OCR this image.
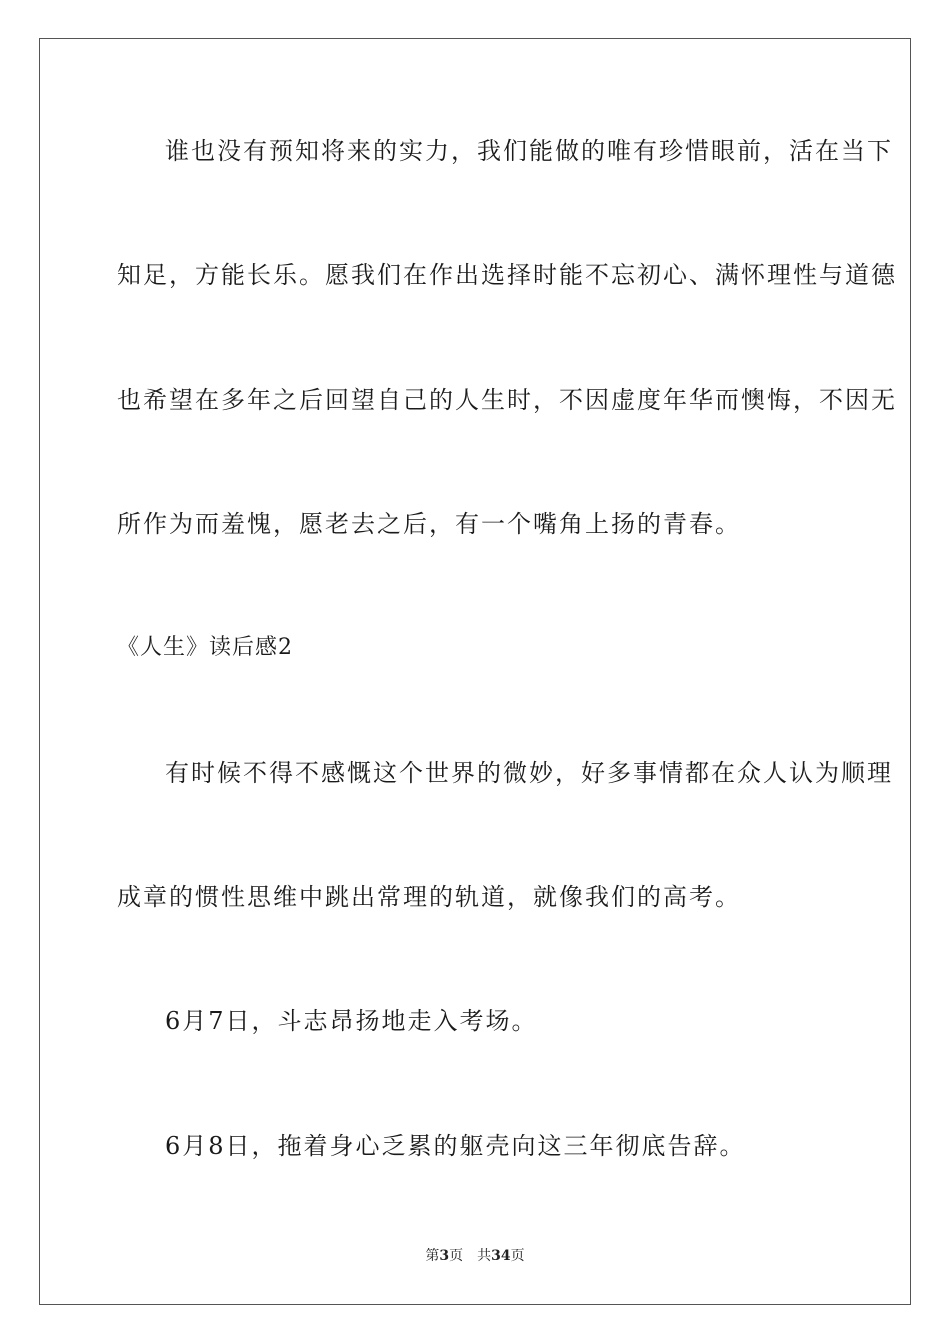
谁也没有预知将来的实力，我们能做的唯有珍惜眼前，活在当下
知足，方能长乐。愿我们在作出选择时能不忘初心、满怀理性与道德
也希望在多年之后回望自己的人生时，不因虚度年华而懊悔，不因无
所作为而羞愧，愿老去之后，有一个嘴角上扬的青春。
《人生》读后感2
有时候不得不感慨这个世界的微妙，好多事情都在众人认为顺理
成章的惯性思维中跳出常理的轨道，就像我们的高考。
6月7日，斗志昂扬地走入考场。
6月8日，拖着身心乏累的躯壳向这三年彻底告辞。
第3页 共34页
